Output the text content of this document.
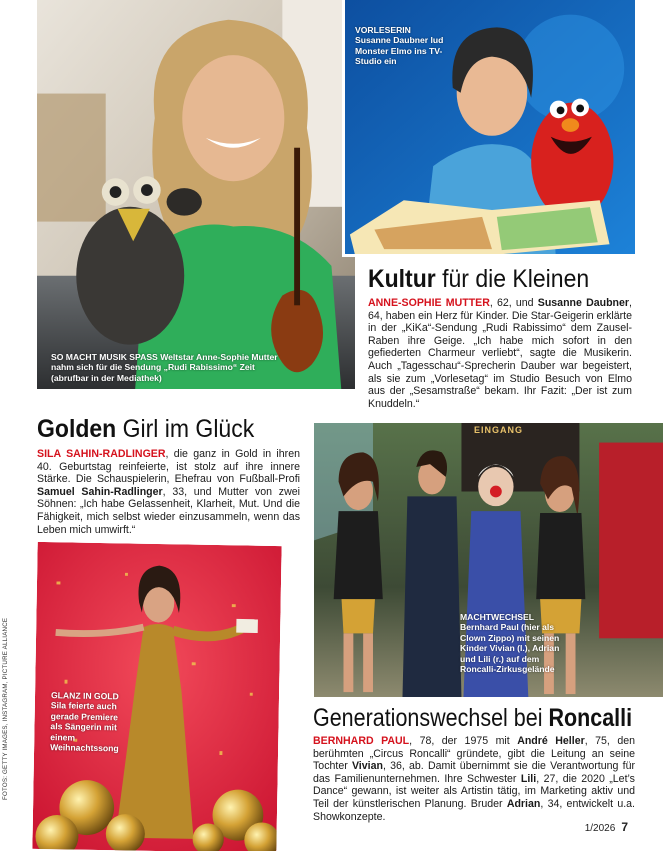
SO MACHT MUSIK SPASS Weltstar Anne-Sophie Mutter nahm sich für die Sendung „Rudi Rabissimo“ Zeit (abrufbar in der Mediathek)
VORLESERIN
Susanne Daubner lud Monster Elmo ins TV-Studio ein
Kultur für die Kleinen
ANNE-SOPHIE MUTTER, 62, und Susanne Daubner, 64, haben ein Herz für Kinder. Die Star-Geigerin erklärte in der „KiKa“-Sendung „Rudi Rabissimo“ dem Zausel-Raben ihre Geige. „Ich habe mich sofort in den gefiederten Charmeur verliebt“, sagte die Musikerin. Auch „Tagesschau“-Sprecherin Dauber war begeistert, als sie zum „Vorlesetag“ im Studio Besuch von Elmo aus der „Sesamstraße“ bekam. Ihr Fazit: „Der ist zum Knuddeln.“
Golden Girl im Glück
SILA SAHIN-RADLINGER, die ganz in Gold in ihren 40. Geburtstag reinfeierte, ist stolz auf ihre innere Stärke. Die Schauspielerin, Ehefrau von Fußball-Profi Samuel Sahin-Radlinger, 33, und Mutter von zwei Söhnen: „Ich habe Gelassenheit, Klarheit, Mut. Und die Fähigkeit, mich selbst wieder einzusammeln, wenn das Leben mich umwirft.“
GLANZ IN GOLD
Sila feierte auch gerade Premiere als Sängerin mit einem Weihnachtssong
EINGANG
MACHTWECHSEL
Bernhard Paul (hier als Clown Zippo) mit seinen Kinder Vivian (l.), Adrian und Lili (r.) auf dem Roncalli-Zirkusgelände
Generationswechsel bei Roncalli
BERNHARD PAUL, 78, der 1975 mit André Heller, 75, den berühmten „Circus Roncalli“ gründete, gibt die Leitung an seine Tochter Vivian, 36, ab. Damit übernimmt sie die Verantwortung für das Familienunternehmen. Ihre Schwester Lili, 27, die 2020 „Let’s Dance“ gewann, ist weiter als Artistin tätig, im Marketing aktiv und Teil der künstlerischen Planung. Bruder Adrian, 34, entwickelt u.a. Showkonzepte.
FOTOS: GETTY IMAGES, INSTAGRAM, PICTURE ALLIANCE
1/2026 7
